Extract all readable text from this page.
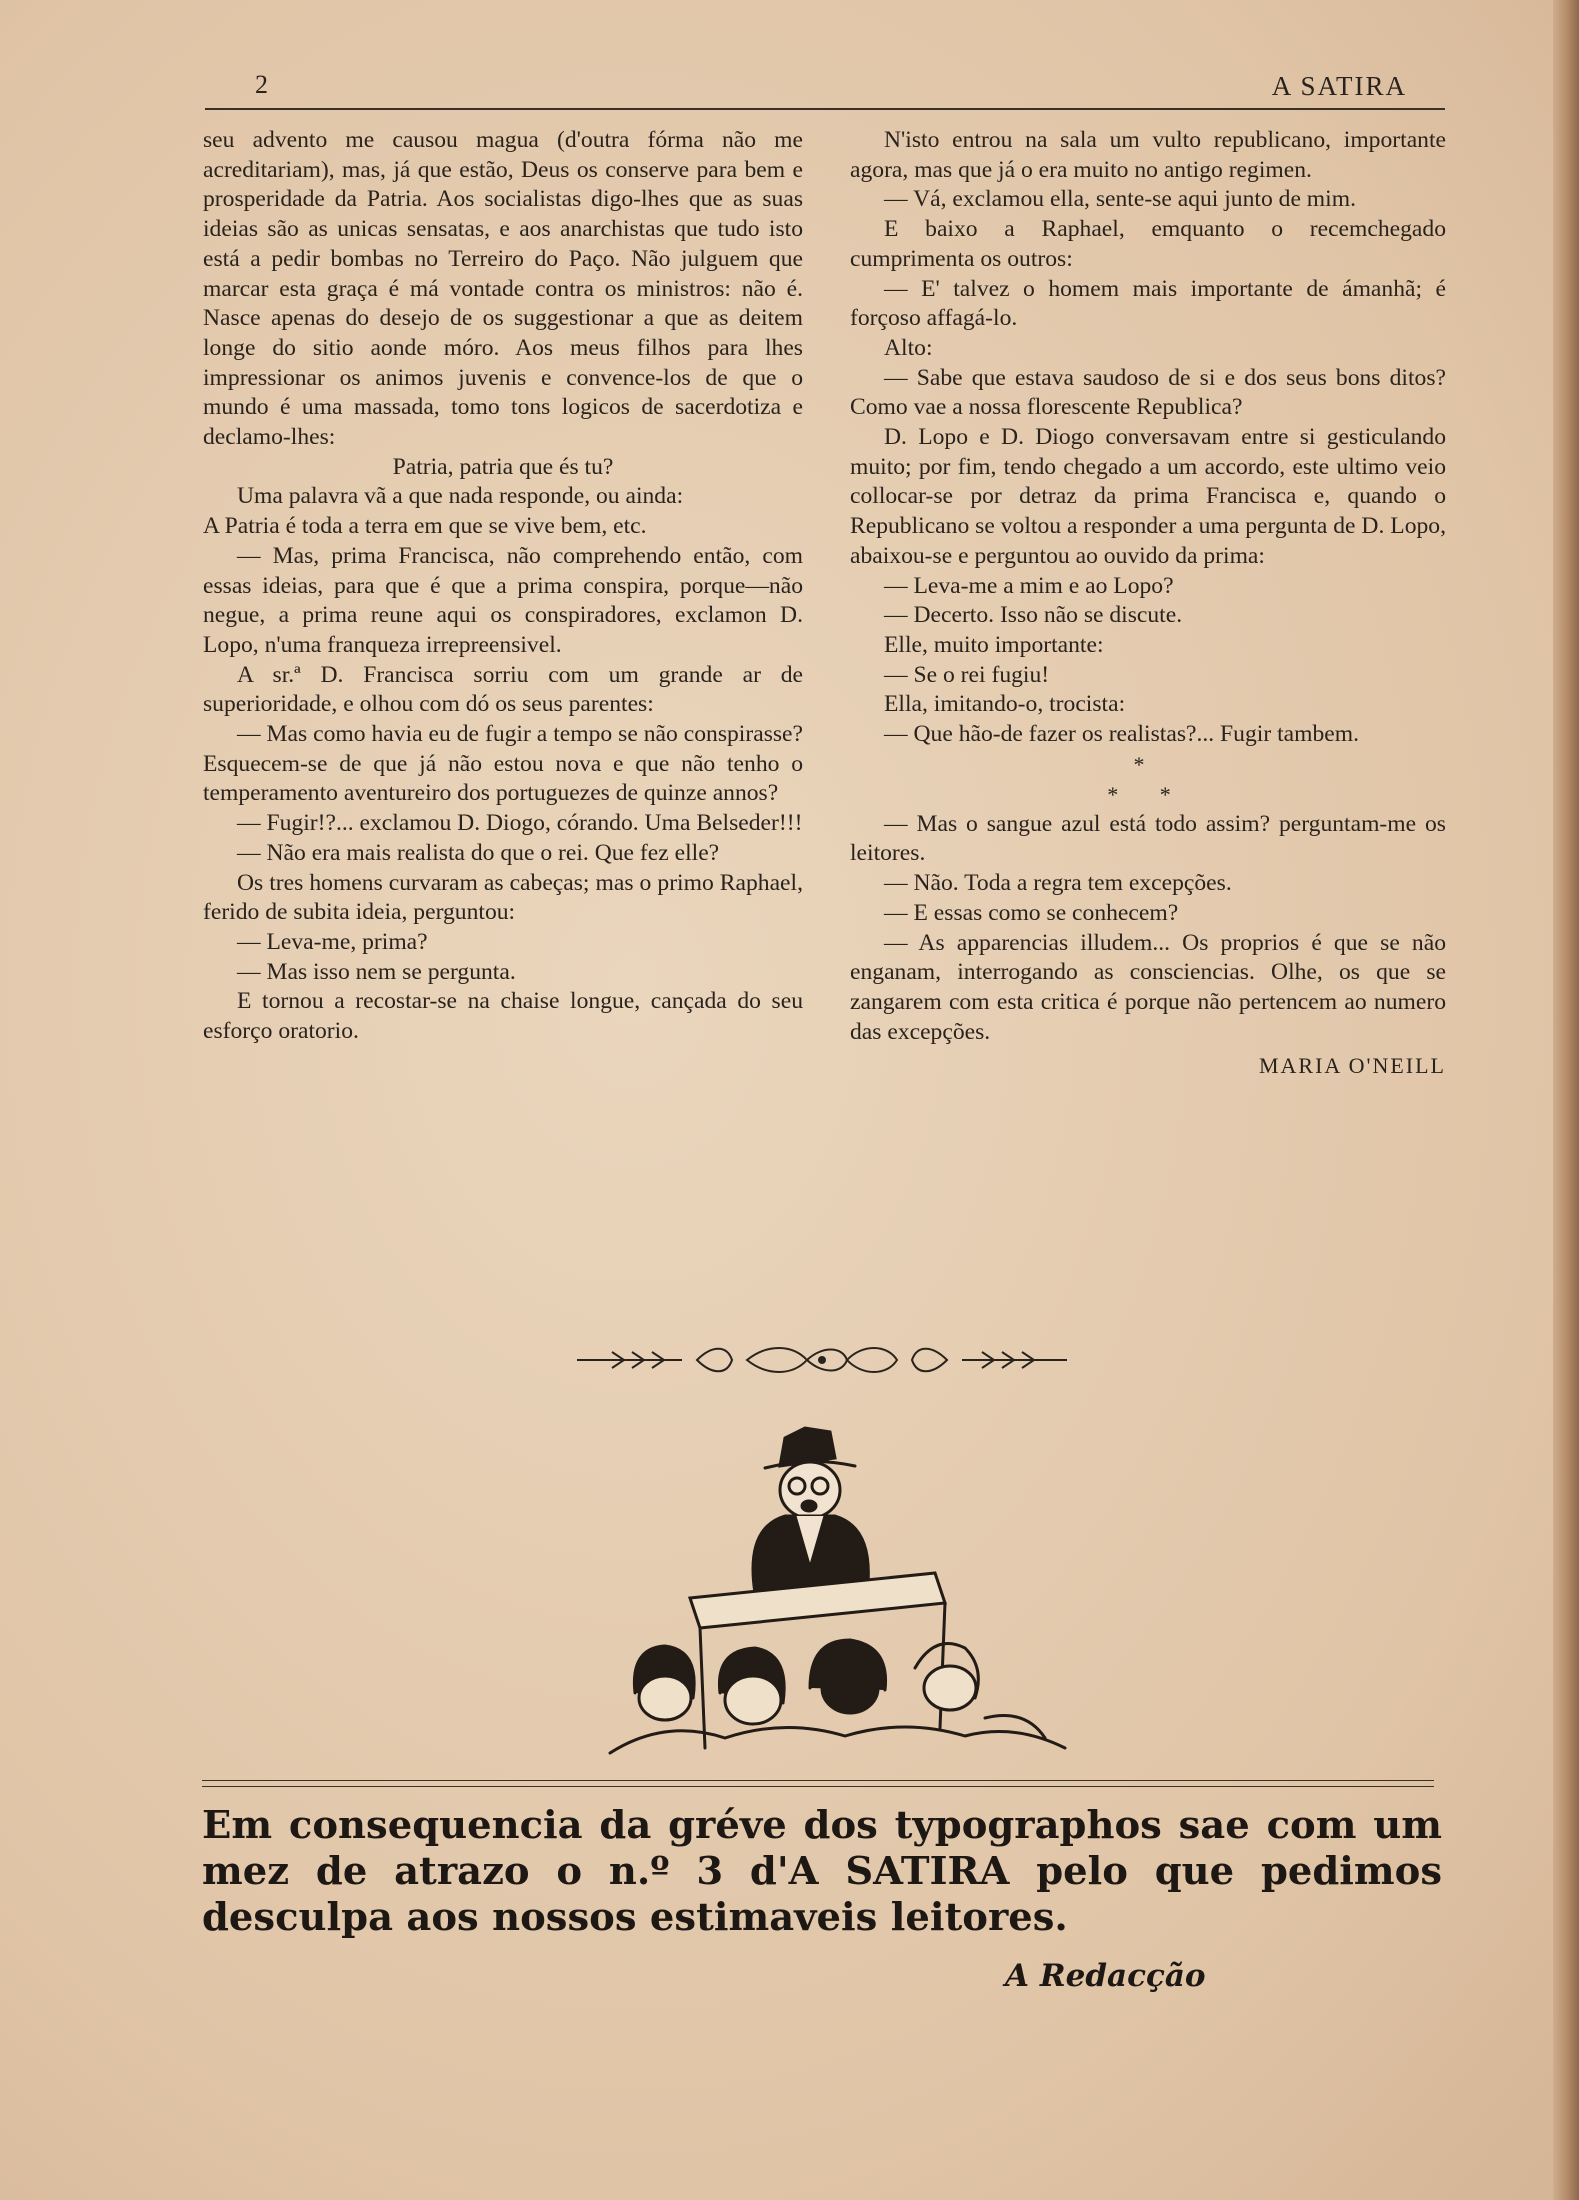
2	A SATIRA

seu advento me causou magua (d'outra fórma não me acreditariam), mas, já que estão, Deus os conserve para bem e prosperidade da Patria. Aos socialistas digo-lhes que as suas ideias são as unicas sensatas, e aos anarchistas que tudo isto está a pedir bombas no Terreiro do Paço. Não julguem que marcar esta graça é má vontade contra os ministros: não é. Nasce apenas do desejo de os suggestionar a que as deitem longe do sitio aonde móro. Aos meus filhos para lhes impressionar os animos juvenis e convence-los de que o mundo é uma massada, tomo tons logicos de sacerdotiza e declamo-lhes:

Patria, patria que és tu?

Uma palavra vã a que nada responde, ou ainda:

A Patria é toda a terra em que se vive bem, etc.

— Mas, prima Francisca, não comprehendo então, com essas ideias, para que é que a prima conspira, porque—não negue, a prima reune aqui os conspiradores, exclamon D. Lopo, n'uma franqueza irrepreensivel.

A sr.ª D. Francisca sorriu com um grande ar de superioridade, e olhou com dó os seus parentes:

— Mas como havia eu de fugir a tempo se não conspirasse? Esquecem-se de que já não estou nova e que não tenho o temperamento aventureiro dos portuguezes de quinze annos?

— Fugir!?... exclamou D. Diogo, córando. Uma Belseder!!!

— Não era mais realista do que o rei. Que fez elle?

Os tres homens curvaram as cabeças; mas o primo Raphael, ferido de subita ideia, perguntou:

— Leva-me, prima?

— Mas isso nem se pergunta.

E tornou a recostar-se na chaise longue, cançada do seu esforço oratorio.

N'isto entrou na sala um vulto republicano, importante agora, mas que já o era muito no antigo regimen.

— Vá, exclamou ella, sente-se aqui junto de mim.

E baixo a Raphael, emquanto o recemchegado cumprimenta os outros:

— E' talvez o homem mais importante de ámanhã; é forçoso affagá-lo.

Alto:

— Sabe que estava saudoso de si e dos seus bons ditos? Como vae a nossa florescente Republica?

D. Lopo e D. Diogo conversavam entre si gesticulando muito; por fim, tendo chegado a um accordo, este ultimo veio collocar-se por detraz da prima Francisca e, quando o Republicano se voltou a responder a uma pergunta de D. Lopo, abaixou-se e perguntou ao ouvido da prima:

— Leva-me a mim e ao Lopo?

— Decerto. Isso não se discute.

Elle, muito importante:

— Se o rei fugiu!

Ella, imitando-o, trocista:

— Que hão-de fazer os realistas?... Fugir tambem.

*

* *

— Mas o sangue azul está todo assim? perguntam-me os leitores.

— Não. Toda a regra tem excepções.

— E essas como se conhecem?

— As apparencias illudem... Os proprios é que se não enganam, interrogando as consciencias. Olhe, os que se zangarem com esta critica é porque não pertencem ao numero das excepções.

MARIA O'NEILL

Em consequencia da gréve dos typographos sae com um mez de atrazo o n.º 3 d'A SATIRA pelo que pedimos desculpa aos nossos estimaveis leitores.
A Redacção
